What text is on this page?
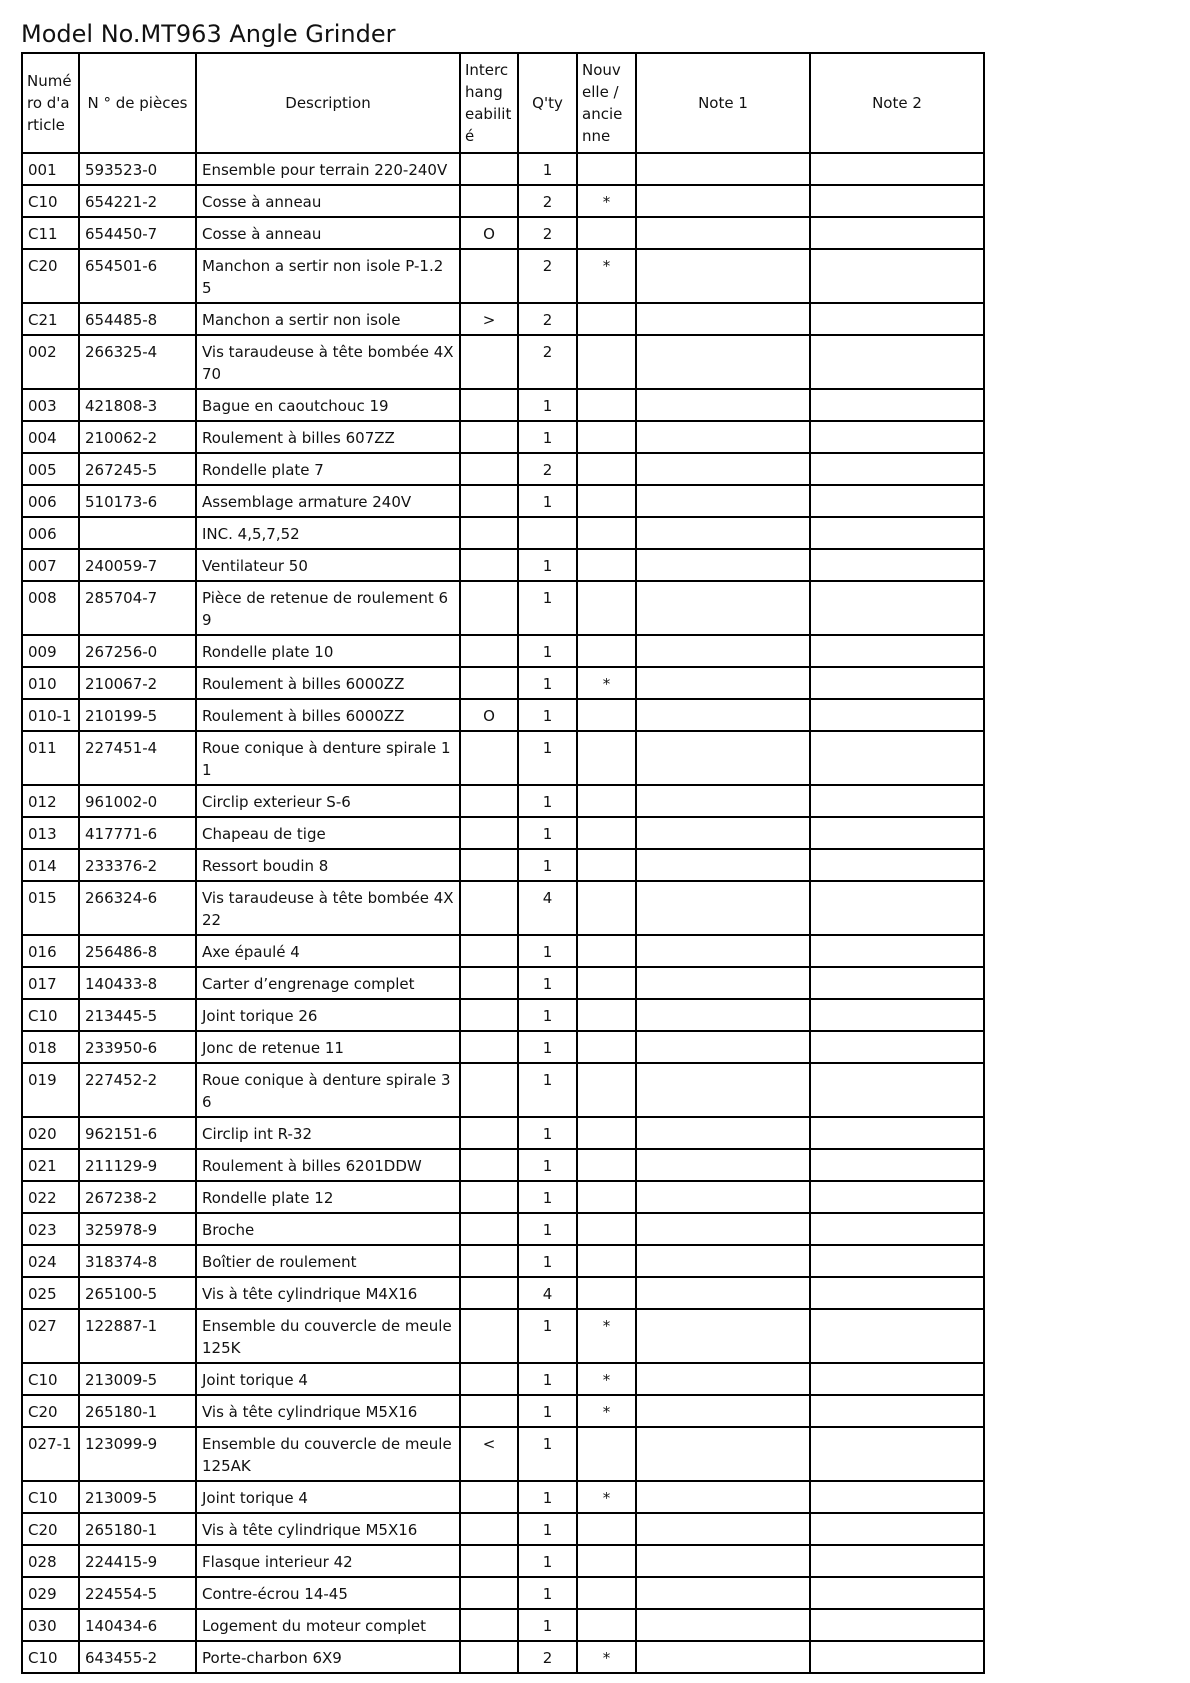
Model No.MT963 Angle Grinder
Numé
ro d'a
rticle	N ° de pièces	Description	Interc
hang
eabilit
é	Q'ty	Nouv
elle /
ancie
nne	Note 1	Note 2
001	593523-0	Ensemble pour terrain 220-240V		1			
C10	654221-2	Cosse à anneau		2	*		
C11	654450-7	Cosse à anneau	O	2			
C20	654501-6	Manchon a sertir non isole P-1.2
5		2	*		
C21	654485-8	Manchon a sertir non isole	>	2			
002	266325-4	Vis taraudeuse à tête bombée 4X
70		2			
003	421808-3	Bague en caoutchouc 19		1			
004	210062-2	Roulement à billes 607ZZ		1			
005	267245-5	Rondelle plate 7		2			
006	510173-6	Assemblage armature 240V		1			
006		INC. 4,5,7,52					
007	240059-7	Ventilateur 50		1			
008	285704-7	Pièce de retenue de roulement 6
9		1			
009	267256-0	Rondelle plate 10		1			
010	210067-2	Roulement à billes 6000ZZ		1	*		
010-1	210199-5	Roulement à billes 6000ZZ	O	1			
011	227451-4	Roue conique à denture spirale 1
1		1			
012	961002-0	Circlip exterieur S-6		1			
013	417771-6	Chapeau de tige		1			
014	233376-2	Ressort boudin 8		1			
015	266324-6	Vis taraudeuse à tête bombée 4X
22		4			
016	256486-8	Axe épaulé 4		1			
017	140433-8	Carter d’engrenage complet		1			
C10	213445-5	Joint torique 26		1			
018	233950-6	Jonc de retenue 11		1			
019	227452-2	Roue conique à denture spirale 3
6		1			
020	962151-6	Circlip int R-32		1			
021	211129-9	Roulement à billes 6201DDW		1			
022	267238-2	Rondelle plate 12		1			
023	325978-9	Broche		1			
024	318374-8	Boîtier de roulement		1			
025	265100-5	Vis à tête cylindrique M4X16		4			
027	122887-1	Ensemble du couvercle de meule
125K		1	*		
C10	213009-5	Joint torique 4		1	*		
C20	265180-1	Vis à tête cylindrique M5X16		1	*		
027-1	123099-9	Ensemble du couvercle de meule
125AK	<	1			
C10	213009-5	Joint torique 4		1	*		
C20	265180-1	Vis à tête cylindrique M5X16		1			
028	224415-9	Flasque interieur 42		1			
029	224554-5	Contre-écrou 14-45		1			
030	140434-6	Logement du moteur complet		1			
C10	643455-2	Porte-charbon 6X9		2	*		
